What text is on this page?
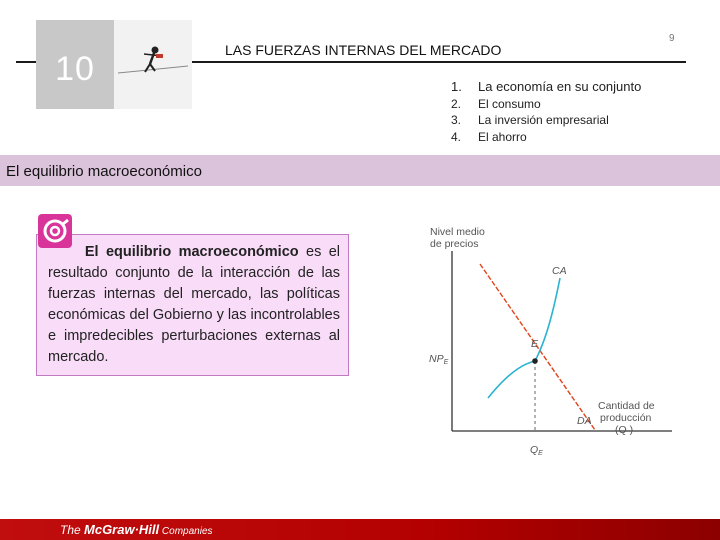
10	LAS FUERZAS INTERNAS DEL MERCADO
9
1.	La economía en su conjunto
2.	El consumo
3.	La inversión empresarial
4.	El ahorro
El equilibrio macroeconómico
El equilibrio macroeconómico es el resultado conjunto de la interacción de las fuerzas internas del mercado, las políticas económicas del Gobierno y las incontrolables e impredecibles perturbaciones externas al mercado.
Nivel medio
de precios
CA
DA
E
NPE
QE
Cantidad de
producción
(Q )
The McGraw·Hill Companies
